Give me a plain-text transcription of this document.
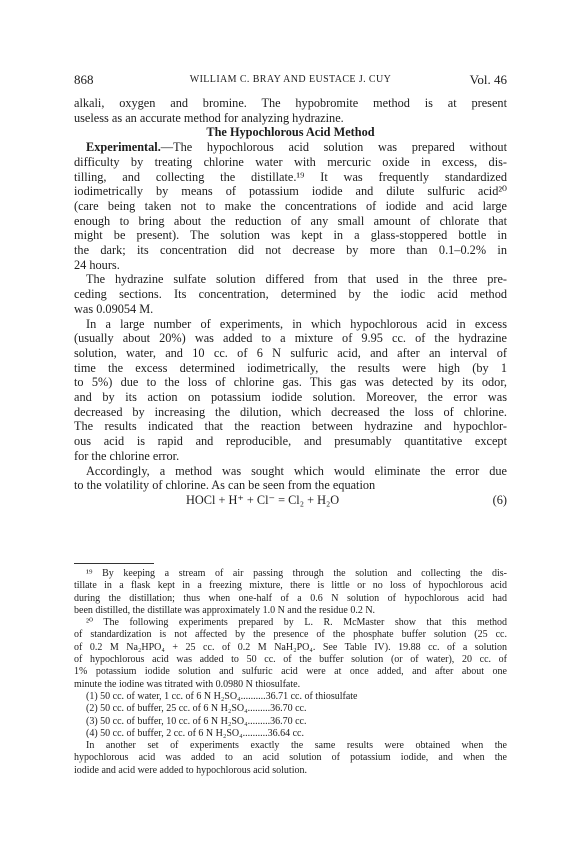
868	WILLIAM C. BRAY AND EUSTACE J. CUY	Vol. 46
alkali, oxygen and bromine. The hypobromite method is at present
useless as an accurate method for analyzing hydrazine.
The Hypochlorous Acid Method
Experimental.—The hypochlorous acid solution was prepared without
difficulty by treating chlorine water with mercuric oxide in excess, dis-
tilling, and collecting the distillate.¹⁹ It was frequently standardized
iodimetrically by means of potassium iodide and dilute sulfuric acid²⁰
(care being taken not to make the concentrations of iodide and acid large
enough to bring about the reduction of any small amount of chlorate that
might be present). The solution was kept in a glass-stoppered bottle in
the dark; its concentration did not decrease by more than 0.1–0.2% in
24 hours.
The hydrazine sulfate solution differed from that used in the three pre-
ceding sections. Its concentration, determined by the iodic acid method
was 0.09054 M.
In a large number of experiments, in which hypochlorous acid in excess
(usually about 20%) was added to a mixture of 9.95 cc. of the hydrazine
solution, water, and 10 cc. of 6 N sulfuric acid, and after an interval of
time the excess determined iodimetrically, the results were high (by 1
to 5%) due to the loss of chlorine gas. This gas was detected by its odor,
and by its action on potassium iodide solution. Moreover, the error was
decreased by increasing the dilution, which decreased the loss of chlorine.
The results indicated that the reaction between hydrazine and hypochlor-
ous acid is rapid and reproducible, and presumably quantitative except
for the chlorine error.
Accordingly, a method was sought which would eliminate the error due
to the volatility of chlorine. As can be seen from the equation
HOCl + H⁺ + Cl⁻ = Cl₂ + H₂O	(6)
¹⁹ By keeping a stream of air passing through the solution and collecting the dis-
tillate in a flask kept in a freezing mixture, there is little or no loss of hypochlorous acid
during the distillation; thus when one-half of a 0.6 N solution of hypochlorous acid had
been distilled, the distillate was approximately 1.0 N and the residue 0.2 N.
²⁰ The following experiments prepared by L. R. McMaster show that this method
of standardization is not affected by the presence of the phosphate buffer solution (25 cc.
of 0.2 M Na₂HPO₄ + 25 cc. of 0.2 M NaH₂PO₄. See Table IV). 19.88 cc. of a solution
of hypochlorous acid was added to 50 cc. of the buffer solution (or of water), 20 cc. of
1% potassium iodide solution and sulfuric acid were at once added, and after about one
minute the iodine was titrated with 0.0980 N thiosulfate.
(1) 50 cc. of water, 1 cc. of 6 N H₂SO₄..........36.71 cc. of thiosulfate
(2) 50 cc. of buffer, 25 cc. of 6 N H₂SO₄.........36.70 cc.
(3) 50 cc. of buffer, 10 cc. of 6 N H₂SO₄.........36.70 cc.
(4) 50 cc. of buffer, 2 cc. of 6 N H₂SO₄..........36.64 cc.
In another set of experiments exactly the same results were obtained when the
hypochlorous acid was added to an acid solution of potassium iodide, and when the
iodide and acid were added to hypochlorous acid solution.
